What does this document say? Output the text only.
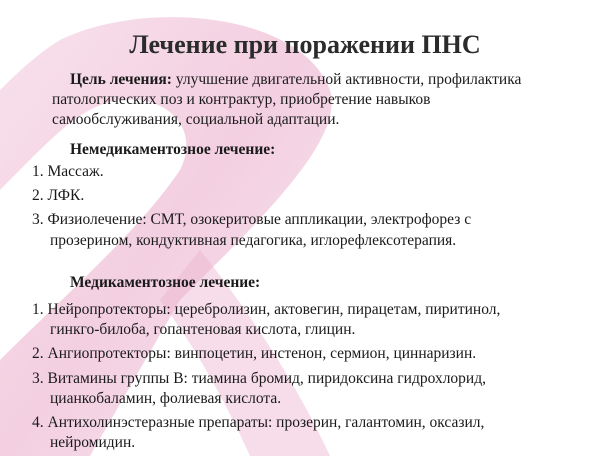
Лечение при поражении ПНС

Цель лечения: улучшение двигательной активности, профилактика

патологических поз и контрактур, приобретение навыков

самообслуживания, социальной адаптации.

Немедикаментозное лечение:

1. Массаж.

2. ЛФК.

3. Физиолечение: СМТ, озокеритовые аппликации, электрофорез с

прозерином, кондуктивная педагогика, иглорефлексотерапия.

Медикаментозное лечение:

1. Нейропротекторы: церебролизин, актовегин, пирацетам, пиритинол,

гинкго-билоба, гопантеновая кислота, глицин.

2. Ангиопротекторы: винпоцетин, инстенон, сермион, циннаризин.

3. Витамины группы В: тиамина бромид, пиридоксина гидрохлорид,

цианкобаламин, фолиевая кислота.

4. Антихолинэстеразные препараты: прозерин, галантомин, оксазил,

нейромидин.
